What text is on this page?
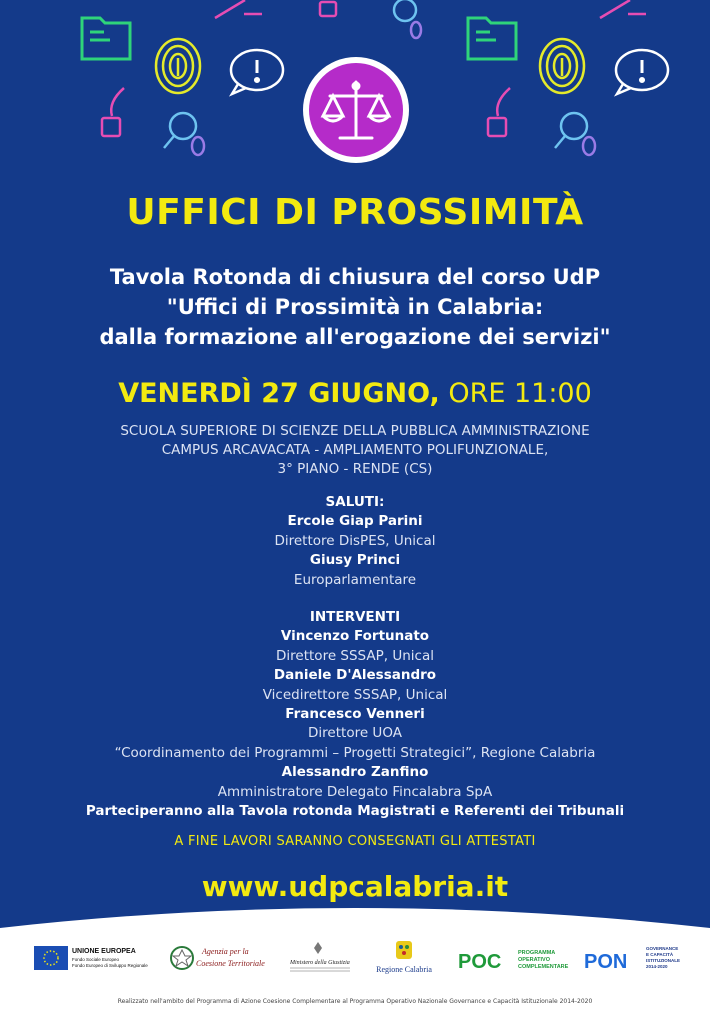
UFFICI DI PROSSIMITÀ
Tavola Rotonda di chiusura del corso UdP
"Uffici di Prossimità in Calabria:
dalla formazione all'erogazione dei servizi"
VENERDÌ 27 GIUGNO, ORE 11:00
SCUOLA SUPERIORE DI SCIENZE DELLA PUBBLICA AMMINISTRAZIONE
CAMPUS ARCAVACATA - AMPLIAMENTO POLIFUNZIONALE,
3° PIANO - RENDE (CS)
SALUTI:
Ercole Giap Parini
Direttore DisPES, Unical
Giusy Princi
Europarlamentare
INTERVENTI
Vincenzo Fortunato
Direttore SSSAP, Unical
Daniele D'Alessandro
Vicedirettore SSSAP, Unical
Francesco Venneri
Direttore UOA
“Coordinamento dei Programmi – Progetti Strategici”, Regione Calabria
Alessandro Zanfino
Amministratore Delegato Fincalabra SpA
Parteciperanno alla Tavola rotonda Magistrati e Referenti dei Tribunali
A FINE LAVORI SARANNO CONSEGNATI GLI ATTESTATI
www.udpcalabria.it
UNIONE EUROPEA
Fondo Sociale Europeo
Fondo Europeo di Sviluppo Regionale
Agenzia per la
Coesione Territoriale	Ministero della Giustizia
Regione Calabria POC	PROGRAMMA
OPERATIVO
COMPLEMENTARE PON
GOVERNANCE
E CAPACITÀ
ISTITUZIONALE
2014-2020
Realizzato nell'ambito del Programma di Azione Coesione Complementare al Programma Operativo Nazionale Governance e Capacità Istituzionale 2014-2020
